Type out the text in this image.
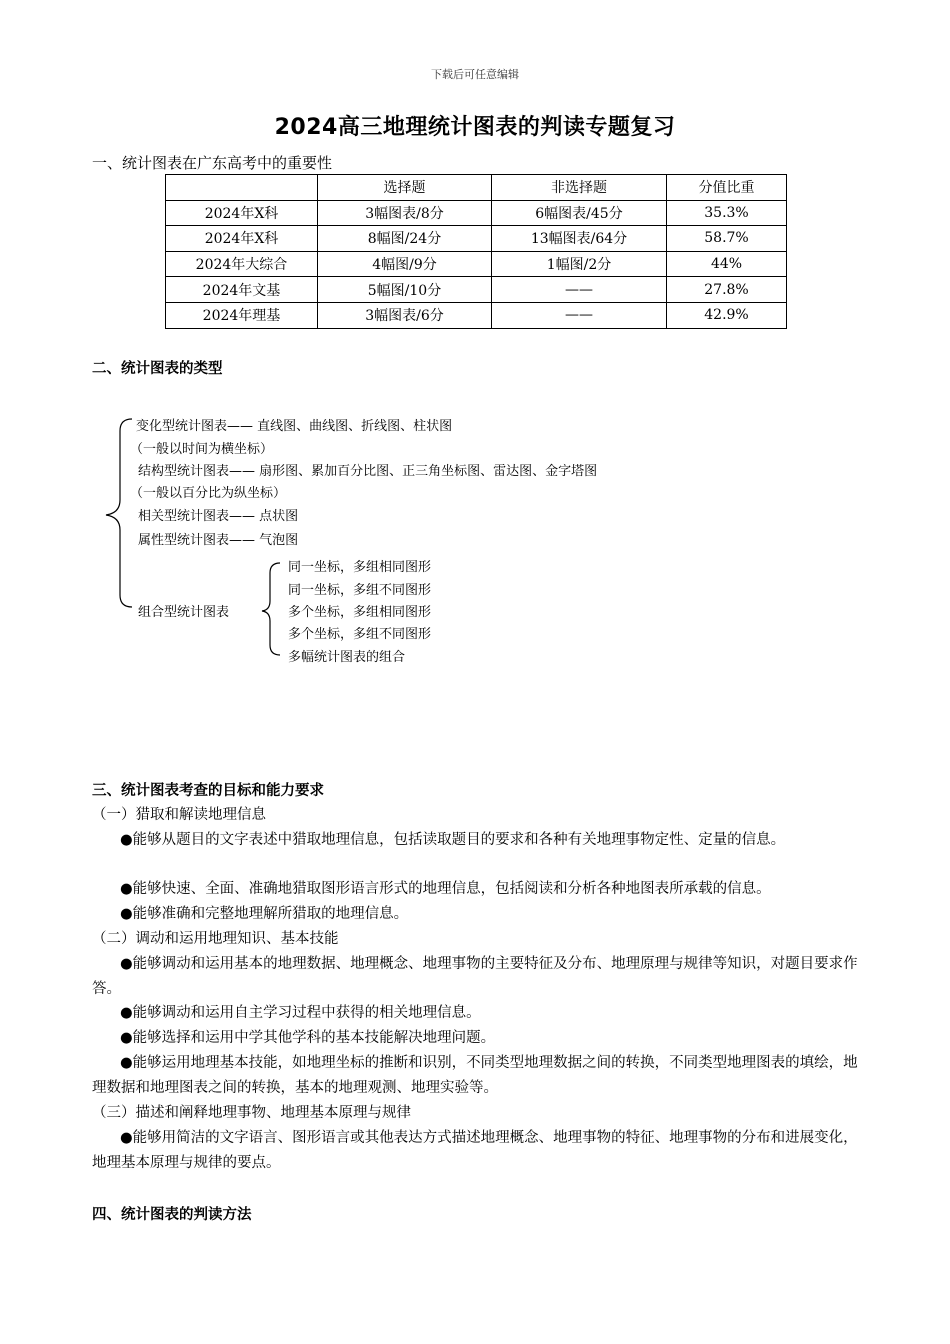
下载后可任意编辑
2024高三地理统计图表的判读专题复习
一、统计图表在广东高考中的重要性
	选择题	非选择题	分值比重
2024年X科	3幅图表/8分	6幅图表/45分	35.3%
2024年X科	8幅图/24分	13幅图表/64分	58.7%
2024年大综合	4幅图/9分	1幅图/2分	44%
2024年文基	5幅图/10分	——	27.8%
2024年理基	3幅图表/6分	——	42.9%
二、统计图表的类型
变化型统计图表—— 直线图、曲线图、折线图、柱状图
（一般以时间为横坐标）
结构型统计图表—— 扇形图、累加百分比图、正三角坐标图、雷达图、金字塔图
（一般以百分比为纵坐标）
相关型统计图表—— 点状图
属性型统计图表—— 气泡图
组合型统计图表
同一坐标，多组相同图形
同一坐标，多组不同图形
多个坐标，多组相同图形
多个坐标，多组不同图形
多幅统计图表的组合
三、统计图表考查的目标和能力要求
（一）猎取和解读地理信息
●能够从题目的文字表述中猎取地理信息，包括读取题目的要求和各种有关地理事物定性、定量的信息。
●能够快速、全面、准确地猎取图形语言形式的地理信息，包括阅读和分析各种地图表所承载的信息。
●能够准确和完整地理解所猎取的地理信息。
（二）调动和运用地理知识、基本技能
●能够调动和运用基本的地理数据、地理概念、地理事物的主要特征及分布、地理原理与规律等知识，对题目要求作答。
●能够调动和运用自主学习过程中获得的相关地理信息。
●能够选择和运用中学其他学科的基本技能解决地理问题。
●能够运用地理基本技能，如地理坐标的推断和识别，不同类型地理数据之间的转换，不同类型地理图表的填绘，地理数据和地理图表之间的转换，基本的地理观测、地理实验等。
（三）描述和阐释地理事物、地理基本原理与规律
●能够用简洁的文字语言、图形语言或其他表达方式描述地理概念、地理事物的特征、地理事物的分布和进展变化，地理基本原理与规律的要点。
四、统计图表的判读方法
